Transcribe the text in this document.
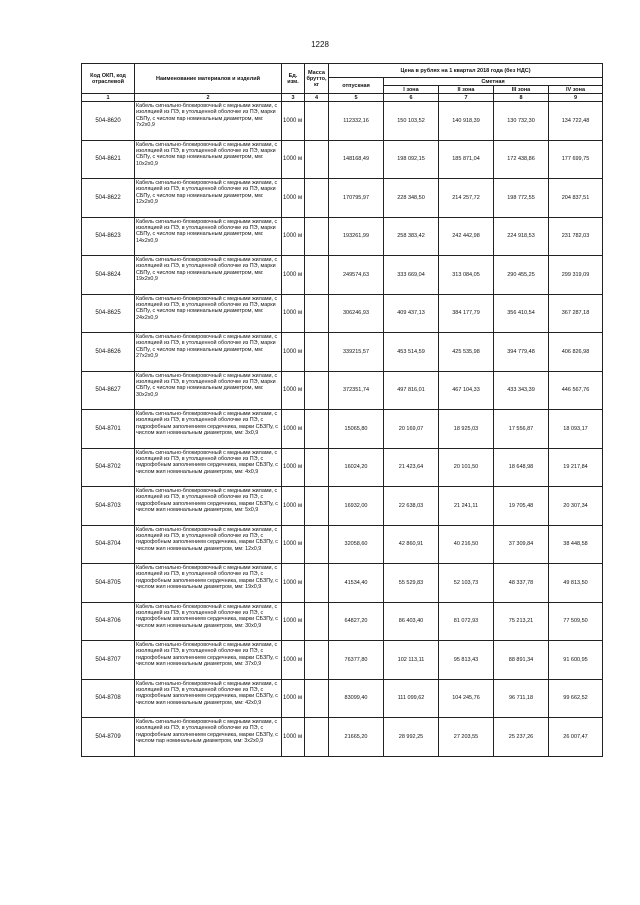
1228
Код ОКП, код отраслевой	Наименование материалов и изделий	Ед. изм.	Масса брутто, кг	Цена в рублях на 1 квартал 2018 года (без НДС)				
				отпускная	Сметная			
					I зона	II зона	III зона	IV зона
1	2	3	4	5	6	7	8	9
504-8620	Кабель сигнально-блокировочный с медными жилами, с изоляцией из ПЭ, в утолщенной оболочке из ПЭ, марки СБПу, с числом пар номинальным диаметром, мм: 7x2x0,9	1000 м		112332,16	150 103,52	140 918,39	130 732,30	134 722,48
504-8621	Кабель сигнально-блокировочный с медными жилами, с изоляцией из ПЭ, в утолщенной оболочке из ПЭ, марки СБПу, с числом пар номинальным диаметром, мм: 10x2x0,9	1000 м		148168,49	198 092,15	185 871,04	172 438,86	177 699,75
504-8622	Кабель сигнально-блокировочный с медными жилами, с изоляцией из ПЭ, в утолщенной оболочке из ПЭ, марки СБПу, с числом пар номинальным диаметром, мм: 12x2x0,9	1000 м		170795,97	228 348,50	214 257,72	198 772,55	204 837,51
504-8623	Кабель сигнально-блокировочный с медными жилами, с изоляцией из ПЭ, в утолщенной оболочке из ПЭ, марки СБПу, с числом пар номинальным диаметром, мм: 14x2x0,9	1000 м		193261,99	258 383,42	242 442,98	224 918,53	231 782,03
504-8624	Кабель сигнально-блокировочный с медными жилами, с изоляцией из ПЭ, в утолщенной оболочке из ПЭ, марки СБПу, с числом пар номинальным диаметром, мм: 19x2x0,9	1000 м		249574,63	333 669,04	313 084,05	290 455,25	299 319,09
504-8625	Кабель сигнально-блокировочный с медными жилами, с изоляцией из ПЭ, в утолщенной оболочке из ПЭ, марки СБПу, с числом пар номинальным диаметром, мм: 24x2x0,9	1000 м		306246,93	409 437,13	384 177,79	356 410,54	367 287,18
504-8626	Кабель сигнально-блокировочный с медными жилами, с изоляцией из ПЭ, в утолщенной оболочке из ПЭ, марки СБПу, с числом пар номинальным диаметром, мм: 27x2x0,9	1000 м		339215,57	453 514,59	425 535,98	394 779,48	406 826,98
504-8627	Кабель сигнально-блокировочный с медными жилами, с изоляцией из ПЭ, в утолщенной оболочке из ПЭ, марки СБПу, с числом пар номинальным диаметром, мм: 30x2x0,9	1000 м		372351,74	497 816,01	467 104,33	433 343,39	446 567,76
504-8701	Кабель сигнально-блокировочный с медными жилами, с изоляцией из ПЭ, в утолщенной оболочке из ПЭ, с гидрофобным заполнением сердечника, марки СБЗПу, с числом жил номинальным диаметром, мм: 3x0,9	1000 м		15065,80	20 169,07	18 925,03	17 556,87	18 093,17
504-8702	Кабель сигнально-блокировочный с медными жилами, с изоляцией из ПЭ, в утолщенной оболочке из ПЭ, с гидрофобным заполнением сердечника, марки СБЗПу, с числом жил номинальным диаметром, мм: 4x0,9	1000 м		16024,20	21 423,64	20 101,50	18 648,98	19 217,84
504-8703	Кабель сигнально-блокировочный с медными жилами, с изоляцией из ПЭ, в утолщенной оболочке из ПЭ, с гидрофобным заполнением сердечника, марки СБЗПу, с числом жил номинальным диаметром, мм: 5x0,9	1000 м		16932,00	22 638,03	21 241,11	19 705,48	20 307,34
504-8704	Кабель сигнально-блокировочный с медными жилами, с изоляцией из ПЭ, в утолщенной оболочке из ПЭ, с гидрофобным заполнением сердечника, марки СБЗПу, с числом жил номинальным диаметром, мм: 12x0,9	1000 м		32058,60	42 860,91	40 216,50	37 309,84	38 448,58
504-8705	Кабель сигнально-блокировочный с медными жилами, с изоляцией из ПЭ, в утолщенной оболочке из ПЭ, с гидрофобным заполнением сердечника, марки СБЗПу, с числом жил номинальным диаметром, мм: 19x0,9	1000 м		41534,40	55 529,83	52 103,73	48 337,78	49 813,50
504-8706	Кабель сигнально-блокировочный с медными жилами, с изоляцией из ПЭ, в утолщенной оболочке из ПЭ, с гидрофобным заполнением сердечника, марки СБЗПу, с числом жил номинальным диаметром, мм: 30x0,9	1000 м		64827,20	86 403,40	81 072,93	75 213,21	77 509,50
504-8707	Кабель сигнально-блокировочный с медными жилами, с изоляцией из ПЭ, в утолщенной оболочке из ПЭ, с гидрофобным заполнением сердечника, марки СБЗПу, с числом жил номинальным диаметром, мм: 37x0,9	1000 м		76377,80	102 113,11	95 813,43	88 891,34	91 600,95
504-8708	Кабель сигнально-блокировочный с медными жилами, с изоляцией из ПЭ, в утолщенной оболочке из ПЭ, с гидрофобным заполнением сердечника, марки СБЗПу, с числом жил номинальным диаметром, мм: 42x0,9	1000 м		83099,40	111 099,62	104 245,76	96 711,18	99 662,52
504-8709	Кабель сигнально-блокировочный с медными жилами, с изоляцией из ПЭ, в утолщенной оболочке из ПЭ, с гидрофобным заполнением сердечника, марки СБЗПу, с числом пар номинальным диаметром, мм: 3x2x0,9	1000 м		21665,20	28 992,25	27 203,55	25 237,26	26 007,47
